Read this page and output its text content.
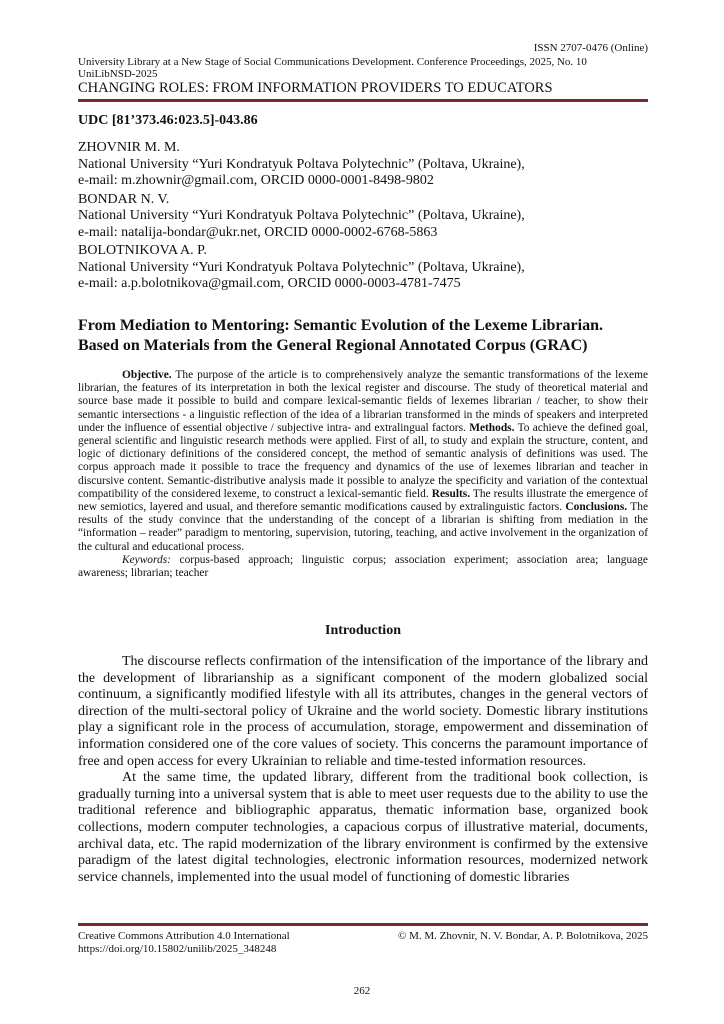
ISSN 2707-0476 (Online)
University Library at a New Stage of Social Communications Development. Conference Proceedings, 2025, No. 10
UniLibNSD-2025
CHANGING ROLES: FROM INFORMATION PROVIDERS TO EDUCATORS
UDC [81’373.46:023.5]-043.86
ZHOVNIR M. M.
National University “Yuri Kondratyuk Poltava Polytechnic” (Poltava, Ukraine),
e-mail: m.zhownir@gmail.com, ORCID 0000-0001-8498-9802
BONDAR N. V.
National University “Yuri Kondratyuk Poltava Polytechnic” (Poltava, Ukraine),
e-mail: natalija-bondar@ukr.net, ORCID 0000-0002-6768-5863
BOLOTNIKOVA A. P.
National University “Yuri Kondratyuk Poltava Polytechnic” (Poltava, Ukraine),
e-mail: a.p.bolotnikova@gmail.com, ORCID 0000-0003-4781-7475
From Mediation to Mentoring: Semantic Evolution of the Lexeme Librarian.
Based on Materials from the General Regional Annotated Corpus (GRAC)

Objective. The purpose of the article is to comprehensively analyze the semantic transformations of the lexeme librarian, the features of its interpretation in both the lexical register and discourse. The study of theoretical material and source base made it possible to build and compare lexical-semantic fields of lexemes librarian / teacher, to show their semantic intersections - a linguistic reflection of the idea of a librarian transformed in the minds of speakers and interpreted under the influence of essential objective / subjective intra- and extralingual factors. Methods. To achieve the defined goal, general scientific and linguistic research methods were applied. First of all, to study and explain the structure, content, and logic of dictionary definitions of the considered concept, the method of semantic analysis of definitions was used. The corpus approach made it possible to trace the frequency and dynamics of the use of lexemes librarian and teacher in discursive content. Semantic-distributive analysis made it possible to analyze the specificity and variation of the contextual compatibility of the considered lexeme, to construct a lexical-semantic field. Results. The results illustrate the emergence of new semiotics, layered and usual, and therefore semantic modifications caused by extralinguistic factors. Conclusions. The results of the study convince that the understanding of the concept of a librarian is shifting from mediation in the “information – reader” paradigm to mentoring, supervision, tutoring, teaching, and active involvement in the organization of the cultural and educational process.

Keywords: corpus-based approach; linguistic corpus; association experiment; association area; language awareness; librarian; teacher

Introduction

The discourse reflects confirmation of the intensification of the importance of the library and the development of librarianship as a significant component of the modern globalized social continuum, a significantly modified lifestyle with all its attributes, changes in the general vectors of direction of the multi-sectoral policy of Ukraine and the world society. Domestic library institutions play a significant role in the process of accumulation, storage, empowerment and dissemination of information considered one of the core values of society. This concerns the paramount importance of free and open access for every Ukrainian to reliable and time-tested information resources.

At the same time, the updated library, different from the traditional book collection, is gradually turning into a universal system that is able to meet user requests due to the ability to use the traditional reference and bibliographic apparatus, thematic information base, organized book collections, modern computer technologies, a capacious corpus of illustrative material, documents, archival data, etc. The rapid modernization of the library environment is confirmed by the extensive paradigm of the latest digital technologies, electronic information resources, modernized network service channels, implemented into the usual model of functioning of domestic libraries

Creative Commons Attribution 4.0 International
https://doi.org/10.15802/unilib/2025_348248
© M. M. Zhovnir, N. V. Bondar, A. P. Bolotnikova, 2025
262
